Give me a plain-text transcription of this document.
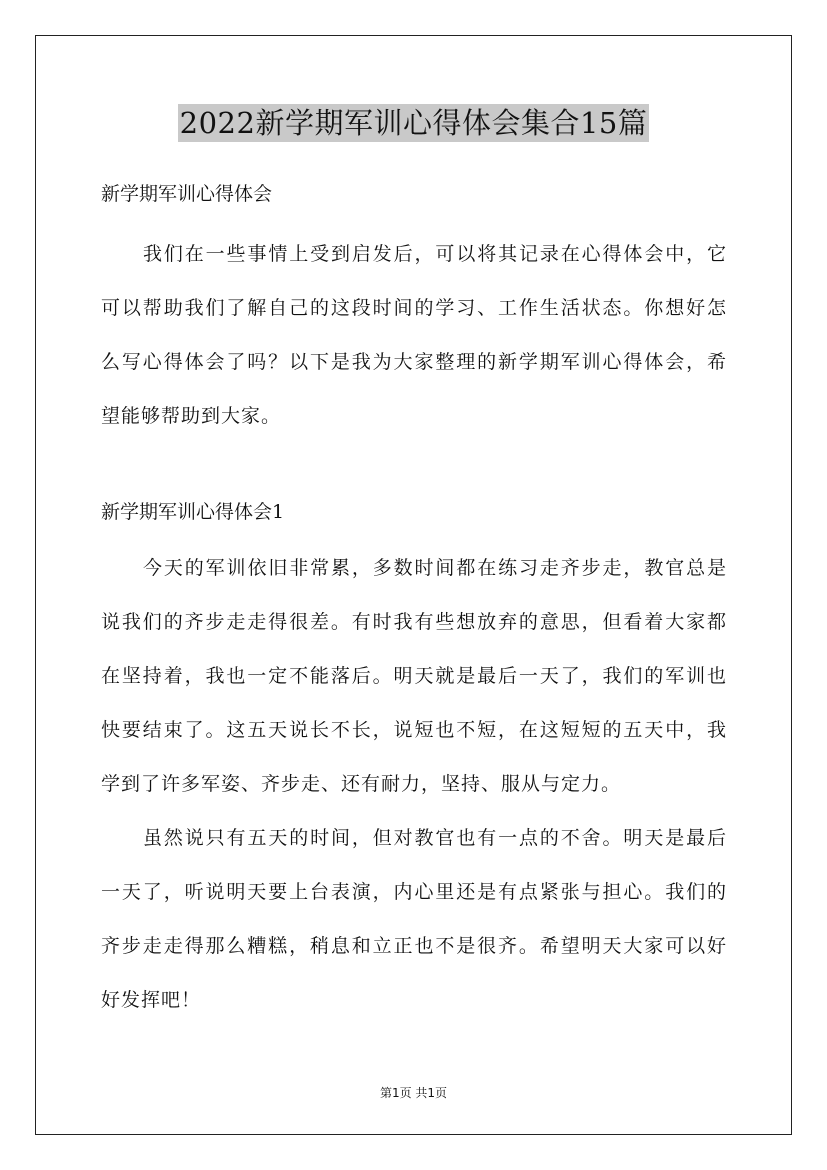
2022新学期军训心得体会集合15篇

新学期军训心得体会

我们在一些事情上受到启发后，可以将其记录在心得体会中，它

可以帮助我们了解自己的这段时间的学习、工作生活状态。你想好怎

么写心得体会了吗？以下是我为大家整理的新学期军训心得体会，希

望能够帮助到大家。

新学期军训心得体会1

今天的军训依旧非常累，多数时间都在练习走齐步走，教官总是

说我们的齐步走走得很差。有时我有些想放弃的意思，但看着大家都

在坚持着，我也一定不能落后。明天就是最后一天了，我们的军训也

快要结束了。这五天说长不长，说短也不短，在这短短的五天中，我

学到了许多军姿、齐步走、还有耐力，坚持、服从与定力。

虽然说只有五天的时间，但对教官也有一点的不舍。明天是最后

一天了，听说明天要上台表演，内心里还是有点紧张与担心。我们的

齐步走走得那么糟糕，稍息和立正也不是很齐。希望明天大家可以好

好发挥吧！

第1页 共1页
